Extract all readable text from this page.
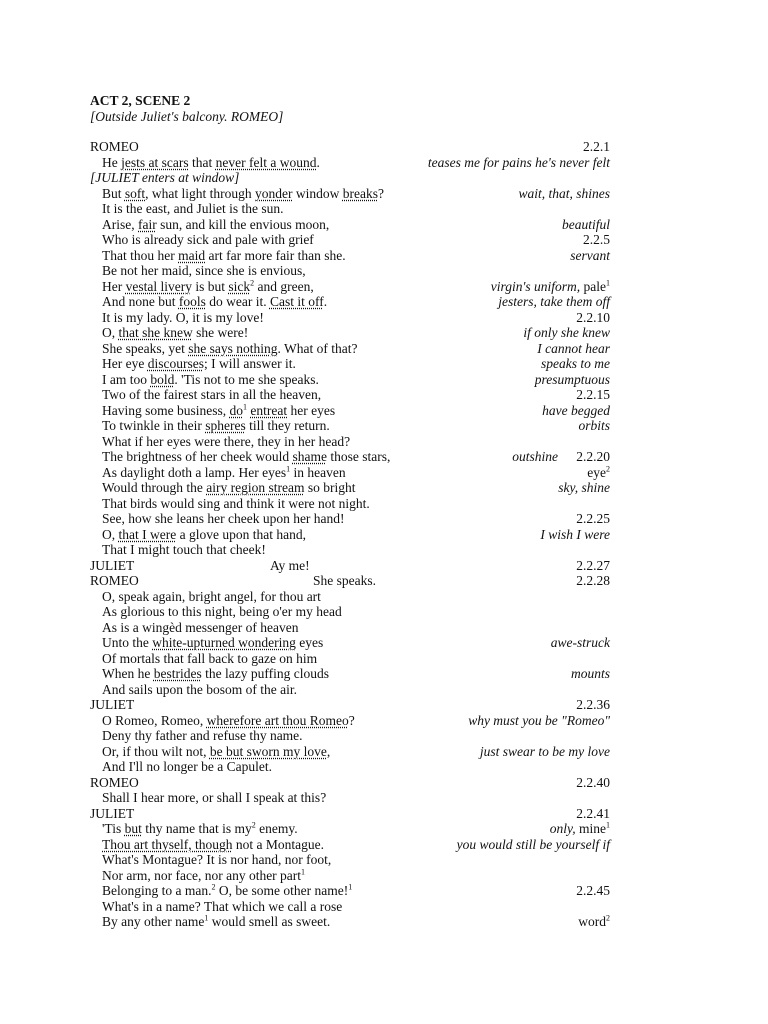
ACT 2, SCENE 2
[Outside Juliet's balcony. ROMEO]
ROMEO	2.2.1
He jests at scars that never felt a wound.	teases me for pains he's never felt
[JULIET enters at window]
But soft, what light through yonder window breaks?	wait, that, shines
It is the east, and Juliet is the sun.
Arise, fair sun, and kill the envious moon,	beautiful
Who is already sick and pale with grief	2.2.5
That thou her maid art far more fair than she.	servant
Be not her maid, since she is envious,
Her vestal livery is but sick$^2$ and green,	virgin's uniform, pale$^1$
And none but fools do wear it. Cast it off.	jesters, take them off
It is my lady. O, it is my love!	2.2.10
O, that she knew she were!	if only she knew
She speaks, yet she says nothing. What of that?	I cannot hear
Her eye discourses; I will answer it.	speaks to me
I am too bold. 'Tis not to me she speaks.	presumptuous
Two of the fairest stars in all the heaven,	2.2.15
Having some business, $do^1$ entreat her eyes	have begged
To twinkle in their spheres till they return.	orbits
What if her eyes were there, they in her head?
The brightness of her cheek would shame those stars,	outshine 2.2.20
As daylight doth a lamp. Her eyes$^1$ in heaven	eye$^2$
Would through the airy region stream so bright	sky, shine
That birds would sing and think it were not night.
See, how she leans her cheek upon her hand!	2.2.25
O, that I were a glove upon that hand,	I wish I were
That I might touch that cheek!
JULIET	Ay me!	2.2.27
ROMEO	She speaks.	2.2.28
O, speak again, bright angel, for thou art
As glorious to this night, being o'er my head
As is a wingèd messenger of heaven
Unto the white-upturned wondering eyes	awe-struck
Of mortals that fall back to gaze on him
When he bestrides the lazy puffing clouds	mounts
And sails upon the bosom of the air.
JULIET	2.2.36
O Romeo, Romeo, wherefore art thou Romeo?	why must you be "Romeo"
Deny thy father and refuse thy name.
Or, if thou wilt not, be but sworn my love,	just swear to be my love
And I'll no longer be a Capulet.
ROMEO	2.2.40
Shall I hear more, or shall I speak at this?
JULIET	2.2.41
'Tis but thy name that is $my^2$ enemy.	only, mine$^1$
Thou art thyself, though not a Montague.	you would still be yourself if
What's Montague? It is nor hand, nor foot,
Nor arm, nor face, nor any other part$^1$
Belonging to a man.$^2$ O, be some other name!$^1$	2.2.45
What's in a name? That which we call a rose
By any other name$^1$ would smell as sweet.	word$^2$
